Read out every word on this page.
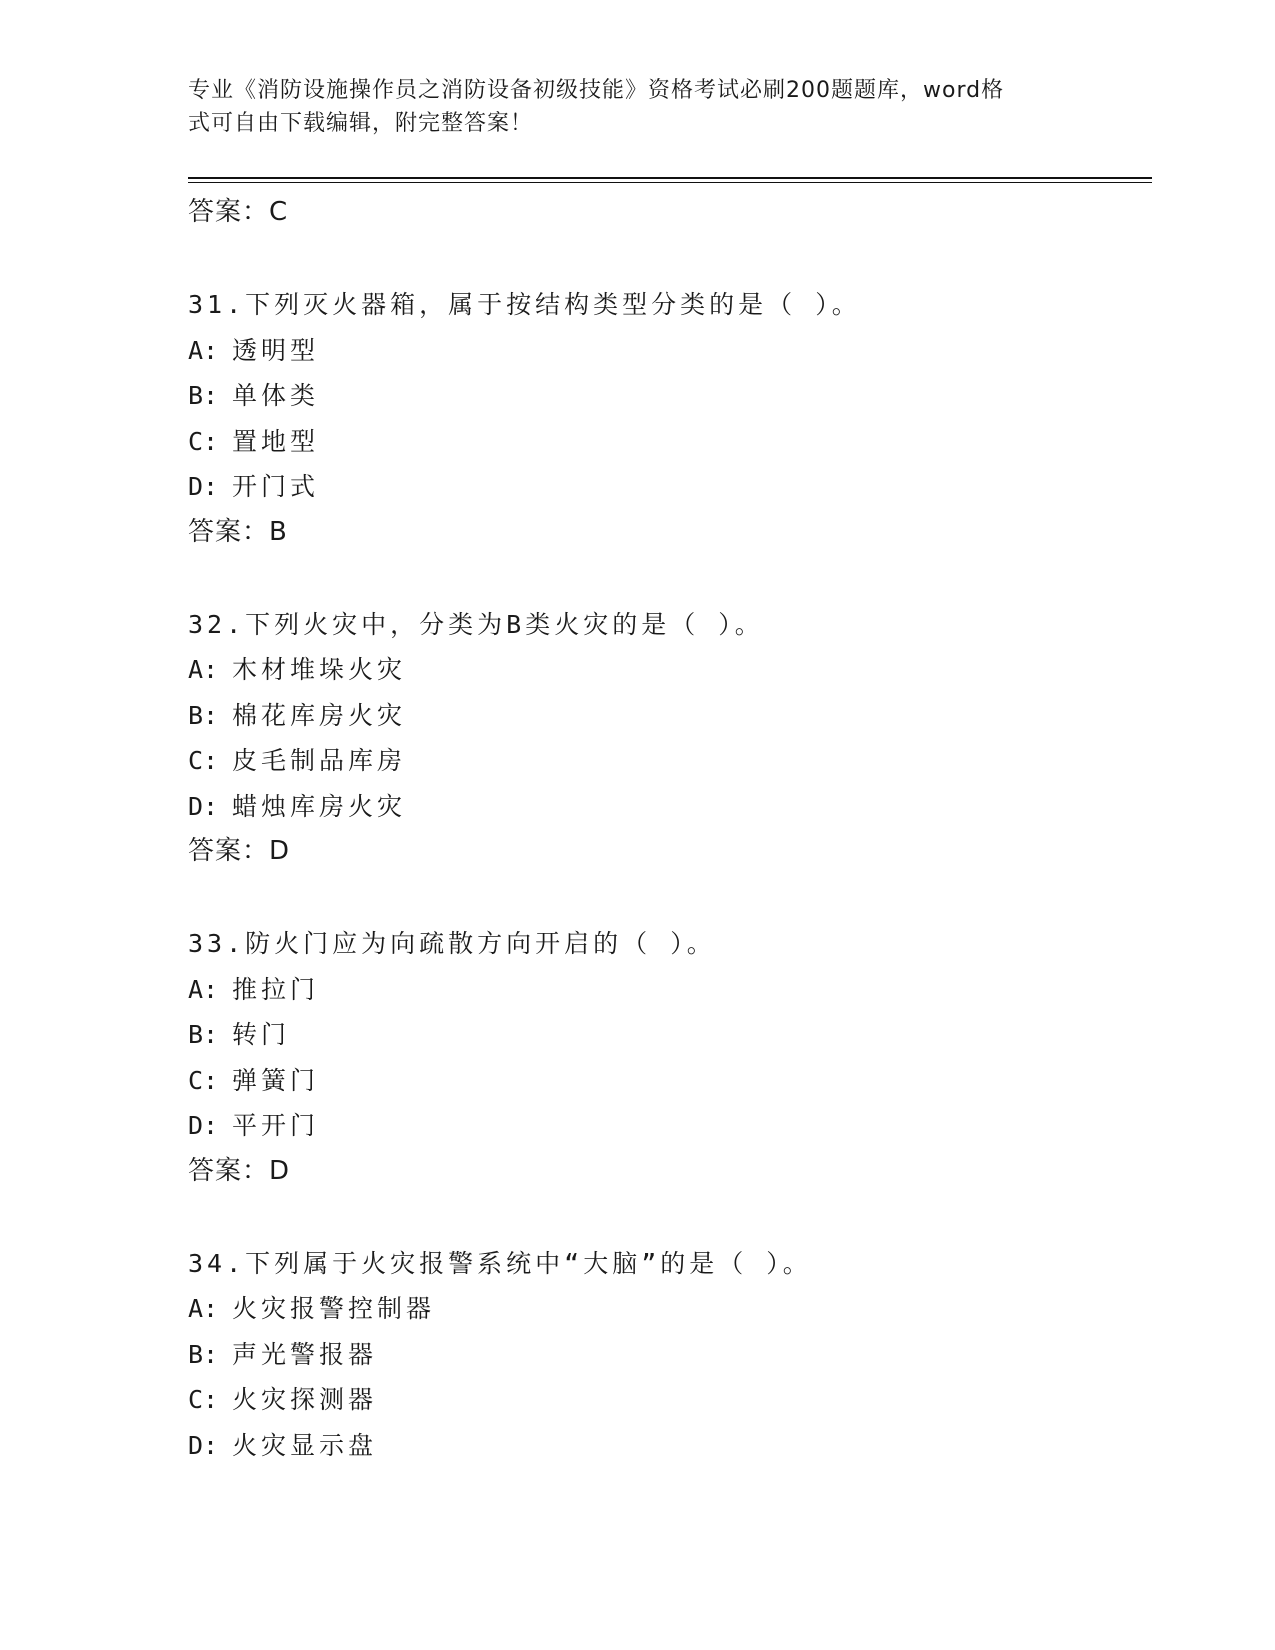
专业《消防设施操作员之消防设备初级技能》资格考试必刷200题题库，word格
式可自由下载编辑，附完整答案！
答案：C
31.下列灭火器箱，属于按结构类型分类的是（ ）。
A: 透明型
B: 单体类
C: 置地型
D: 开门式
答案：B
32.下列火灾中，分类为B类火灾的是（ ）。
A: 木材堆垛火灾
B: 棉花库房火灾
C: 皮毛制品库房
D: 蜡烛库房火灾
答案：D
33.防火门应为向疏散方向开启的（ ）。
A: 推拉门
B: 转门
C: 弹簧门
D: 平开门
答案：D
34.下列属于火灾报警系统中“大脑”的是（ ）。
A: 火灾报警控制器
B: 声光警报器
C: 火灾探测器
D: 火灾显示盘
